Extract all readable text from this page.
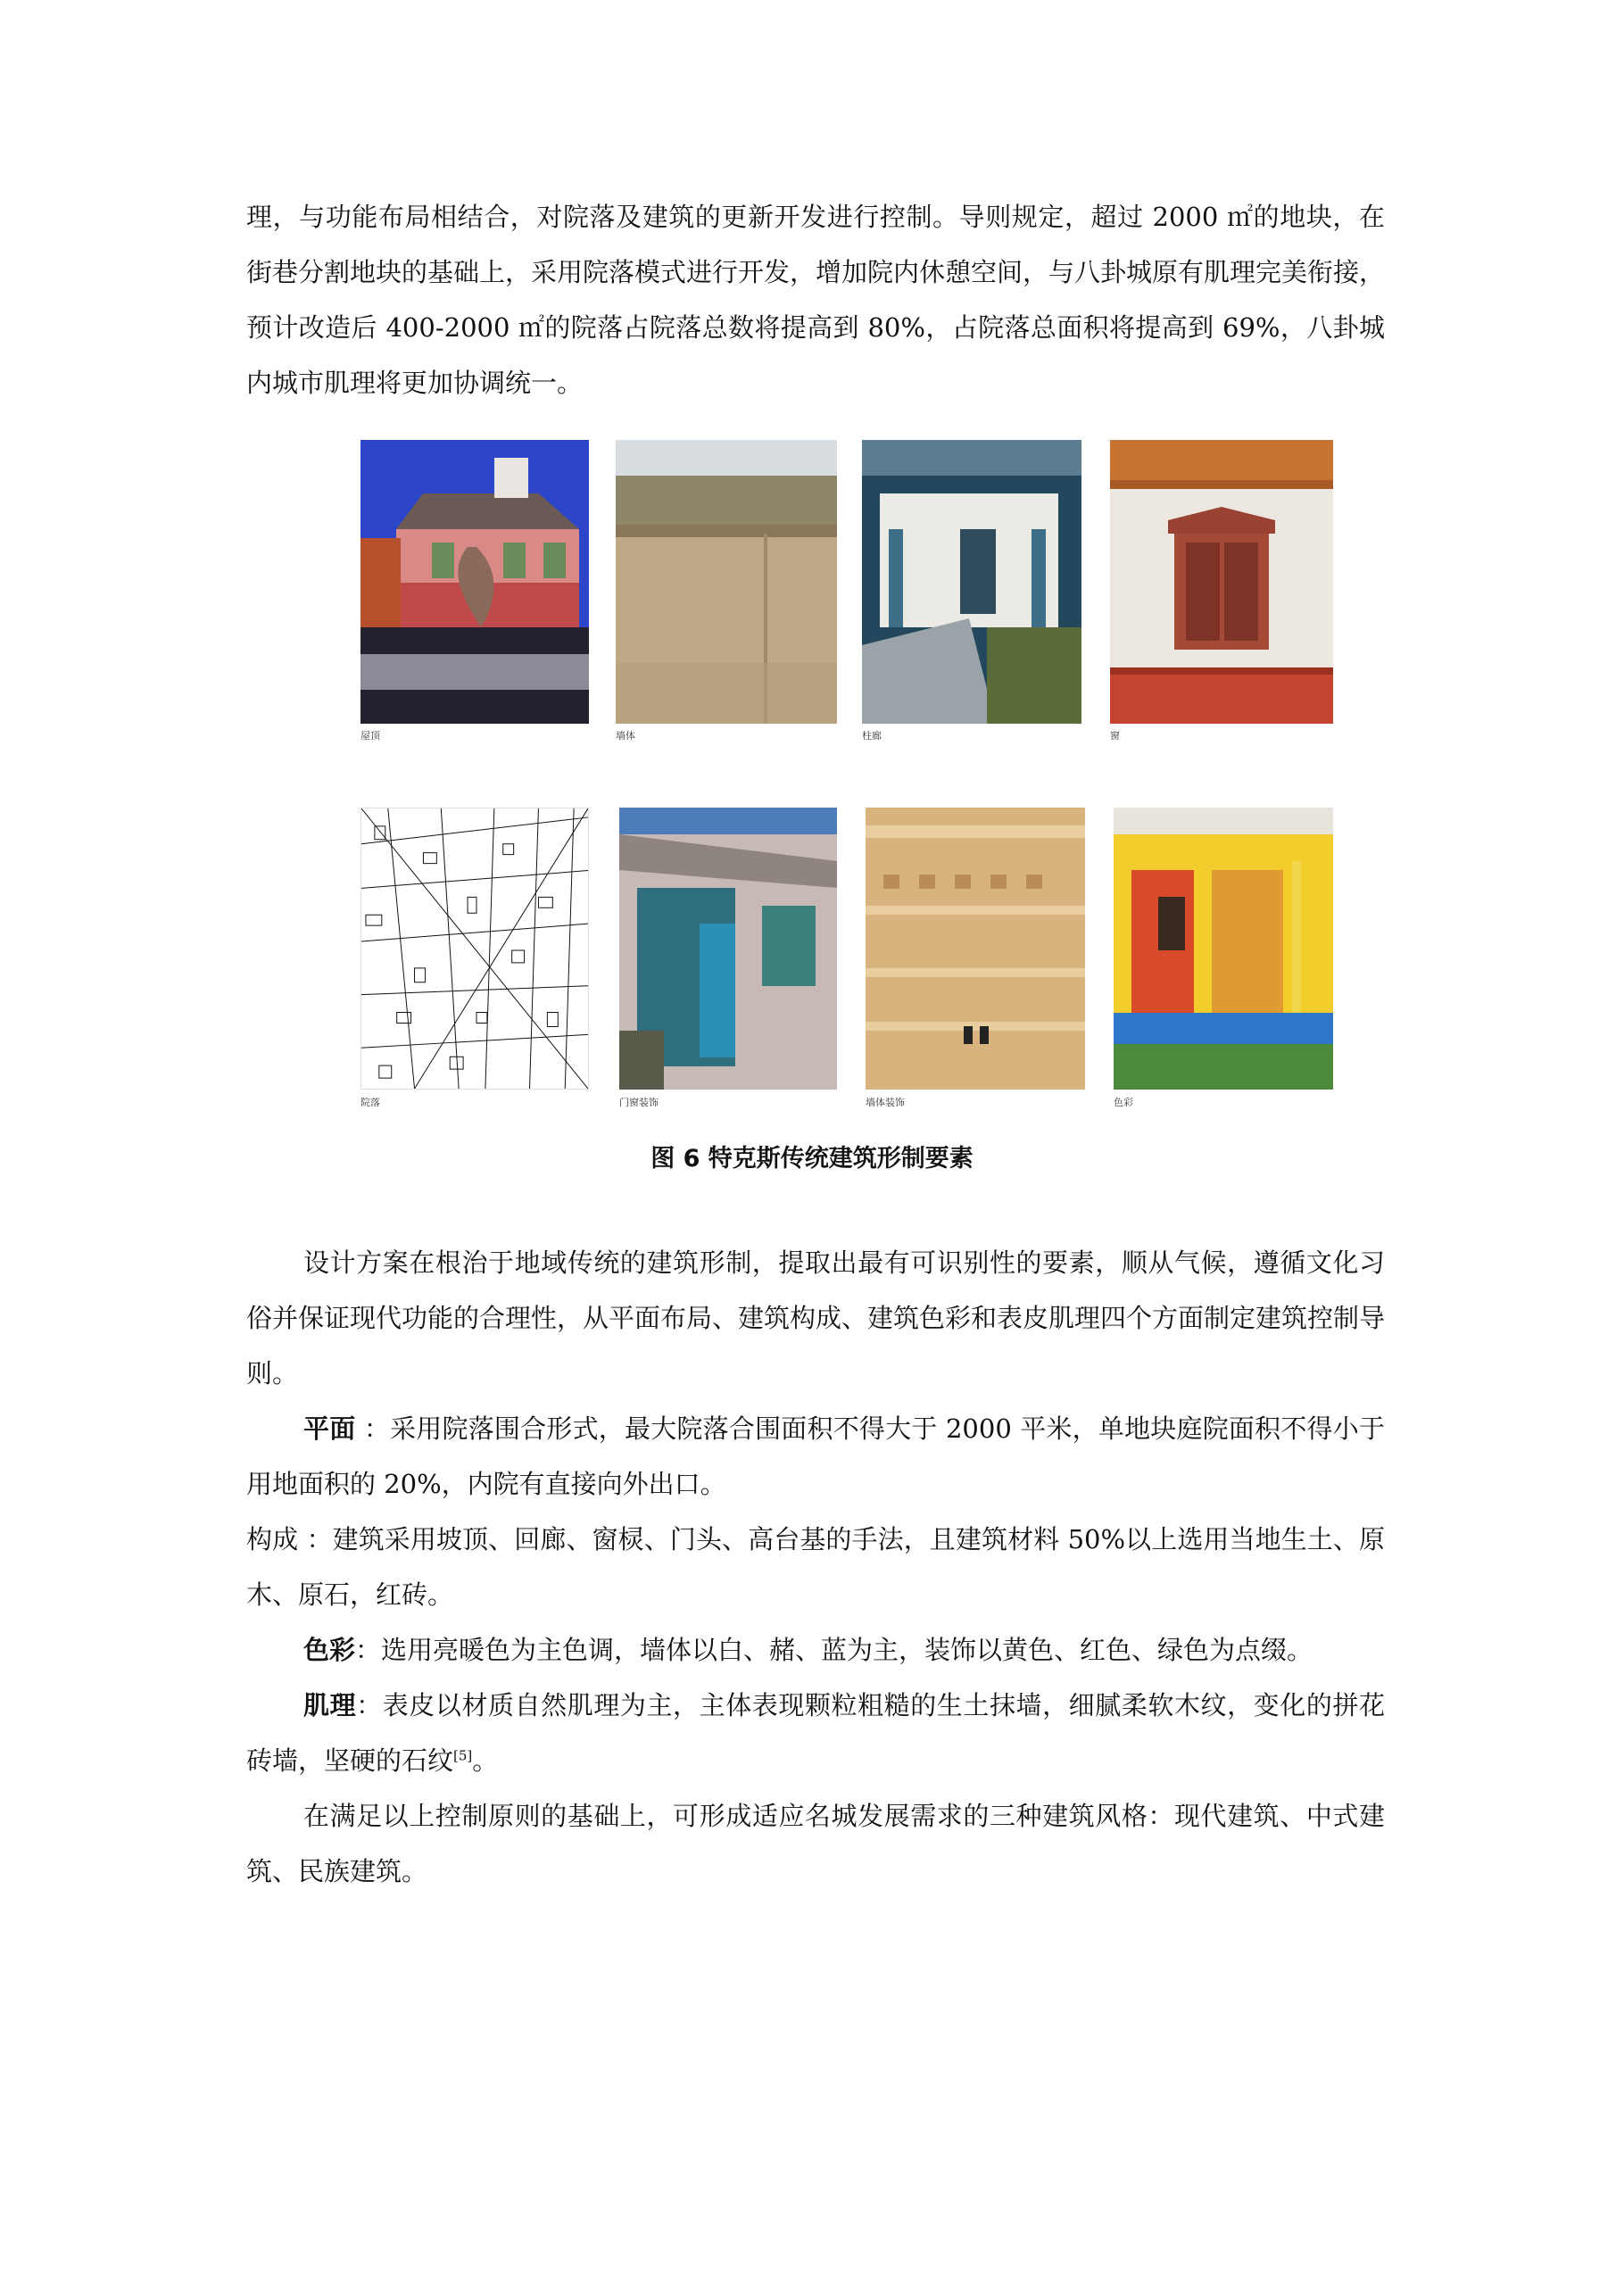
理，与功能布局相结合，对院落及建筑的更新开发进行控制。导则规定，超过 2000 ㎡的地块，在街巷分割地块的基础上，采用院落模式进行开发，增加院内休憩空间，与八卦城原有肌理完美衔接，预计改造后 400-2000 ㎡的院落占院落总数将提高到 80%，占院落总面积将提高到 69%，八卦城内城市肌理将更加协调统一。

屋顶	墙体	柱廊	窗
院落	门窗装饰	墙体装饰	色彩
图 6 特克斯传统建筑形制要素

设计方案在根治于地域传统的建筑形制，提取出最有可识别性的要素，顺从气候，遵循文化习俗并保证现代功能的合理性，从平面布局、建筑构成、建筑色彩和表皮肌理四个方面制定建筑控制导则。

平面 ：采用院落围合形式，最大院落合围面积不得大于 2000 平米，单地块庭院面积不得小于用地面积的 20%，内院有直接向外出口。

构成 ：建筑采用坡顶、回廊、窗棂、门头、高台基的手法，且建筑材料 50%以上选用当地生土、原木、原石，红砖。

色彩：选用亮暖色为主色调，墙体以白、赭、蓝为主，装饰以黄色、红色、绿色为点缀。

肌理：表皮以材质自然肌理为主，主体表现颗粒粗糙的生土抹墙，细腻柔软木纹，变化的拼花砖墙，坚硬的石纹[5]。

在满足以上控制原则的基础上，可形成适应名城发展需求的三种建筑风格：现代建筑、中式建筑、民族建筑。
